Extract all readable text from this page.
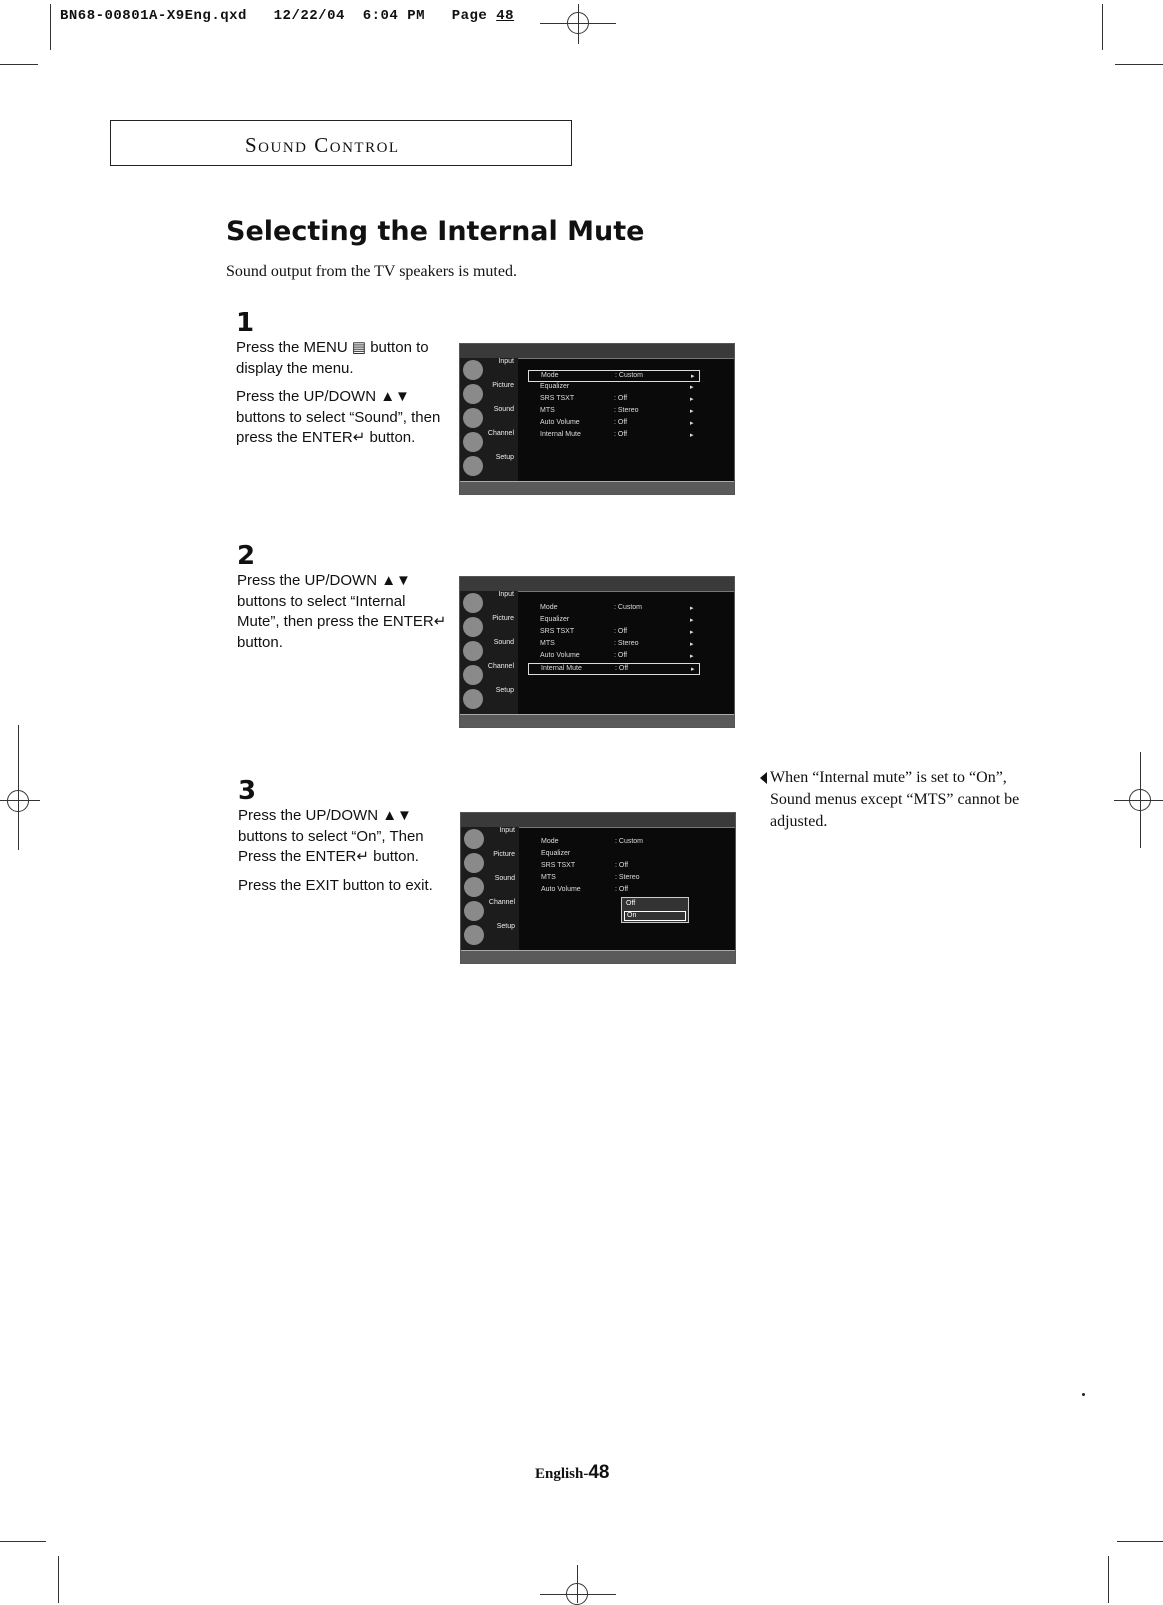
BN68-00801A-X9Eng.qxd 12/22/04 6:04 PM Page 48
Sound Control
Selecting the Internal Mute
Sound output from the TV speakers is muted.
1

Press the MENU ▤ button to display the menu.

Press the UP/DOWN ▲▼ buttons to select “Sound”, then press the ENTER↵ button.

2

Press the UP/DOWN ▲▼ buttons to select “Internal Mute”, then press the ENTER↵ button.

3

Press the UP/DOWN ▲▼ buttons to select “On”, Then Press the ENTER↵ button.

Press the EXIT button to exit.

Input
Picture
Sound
Channel
Setup
Mode	: Custom	▸
Equalizer	▸
SRS TSXT	: Off	▸
MTS	: Stereo	▸
Auto Volume	: Off	▸
Internal Mute	: Off	▸
Input
Picture
Sound
Channel
Setup
Mode	: Custom	▸
Equalizer	▸
SRS TSXT	: Off	▸
MTS	: Stereo	▸
Auto Volume	: Off	▸
Internal Mute	: Off	▸
Input
Picture
Sound
Channel
Setup
Mode	: Custom
Equalizer
SRS TSXT	: Off
MTS	: Stereo
Auto Volume	: Off
Off
On
When “Internal mute” is set to “On”, Sound menus except “MTS” cannot be adjusted.
English-48
